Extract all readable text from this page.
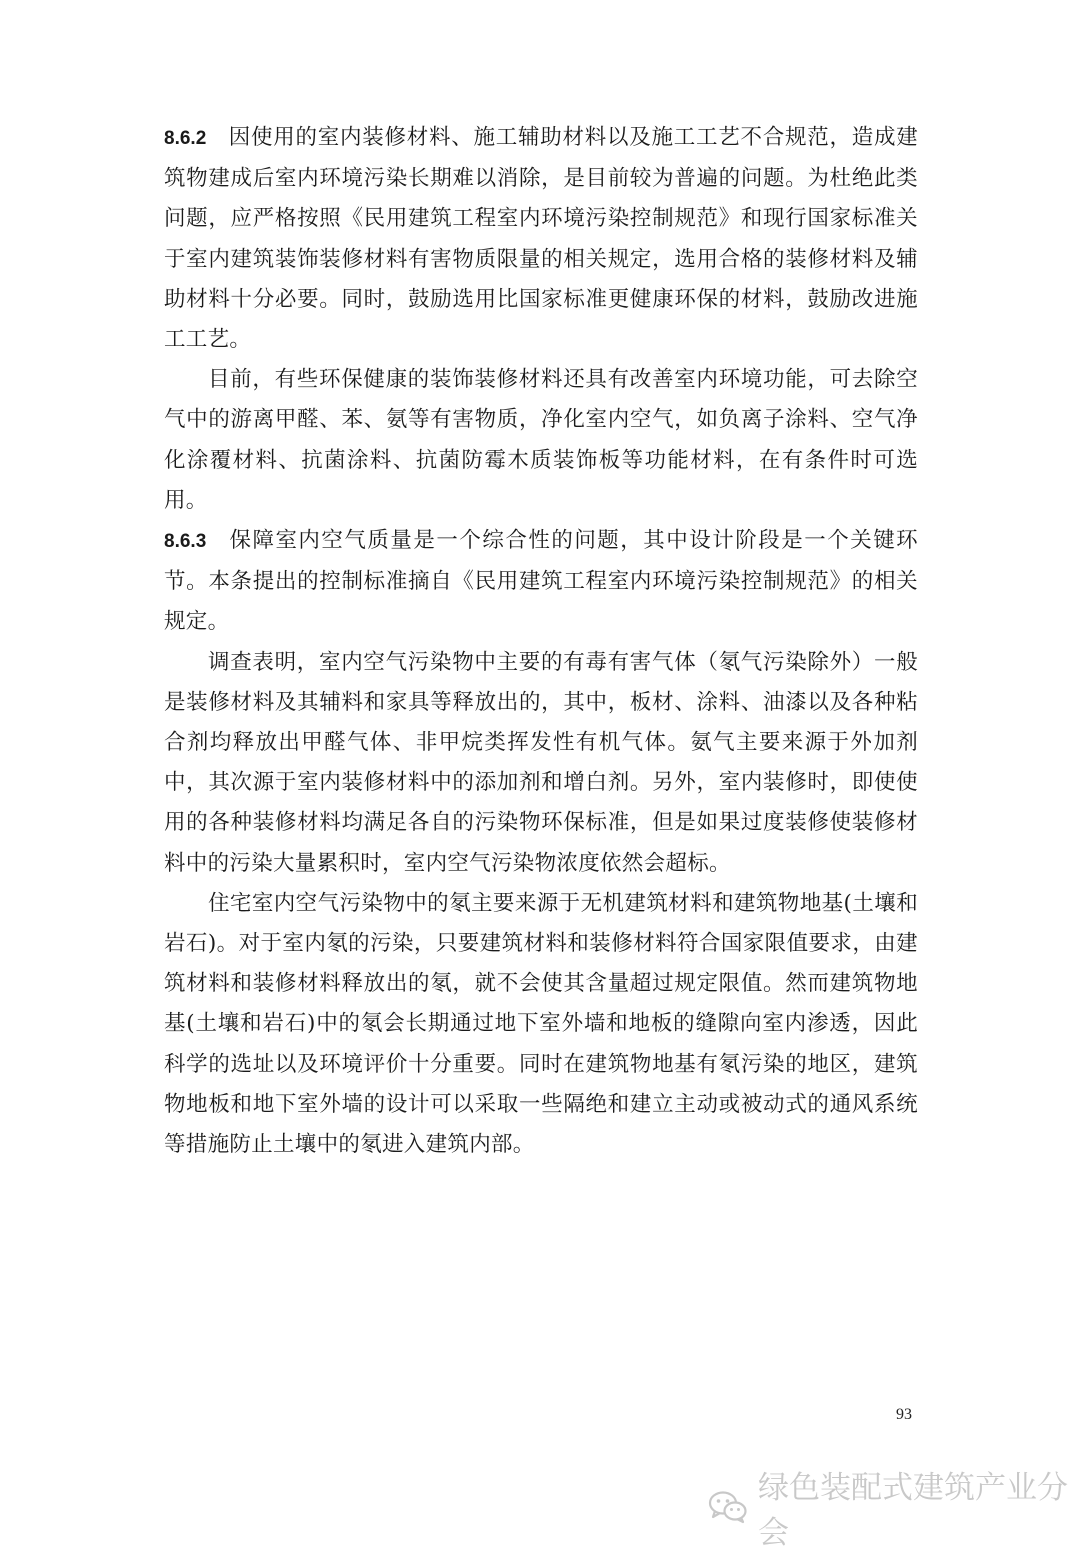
8.6.2 因使用的室内装修材料、施工辅助材料以及施工工艺不合规范，造成建筑物建成后室内环境污染长期难以消除，是目前较为普遍的问题。为杜绝此类问题，应严格按照《民用建筑工程室内环境污染控制规范》和现行国家标准关于室内建筑装饰装修材料有害物质限量的相关规定，选用合格的装修材料及辅助材料十分必要。同时，鼓励选用比国家标准更健康环保的材料，鼓励改进施工工艺。

目前，有些环保健康的装饰装修材料还具有改善室内环境功能，可去除空气中的游离甲醛、苯、氨等有害物质，净化室内空气，如负离子涂料、空气净化涂覆材料、抗菌涂料、抗菌防霉木质装饰板等功能材料，在有条件时可选用。

8.6.3 保障室内空气质量是一个综合性的问题，其中设计阶段是一个关键环节。本条提出的控制标准摘自《民用建筑工程室内环境污染控制规范》的相关规定。

调查表明，室内空气污染物中主要的有毒有害气体（氡气污染除外）一般是装修材料及其辅料和家具等释放出的，其中，板材、涂料、油漆以及各种粘合剂均释放出甲醛气体、非甲烷类挥发性有机气体。氨气主要来源于外加剂中，其次源于室内装修材料中的添加剂和增白剂。另外，室内装修时，即使使用的各种装修材料均满足各自的污染物环保标准，但是如果过度装修使装修材料中的污染大量累积时，室内空气污染物浓度依然会超标。

住宅室内空气污染物中的氡主要来源于无机建筑材料和建筑物地基(土壤和岩石)。对于室内氡的污染，只要建筑材料和装修材料符合国家限值要求，由建筑材料和装修材料释放出的氡，就不会使其含量超过规定限值。然而建筑物地基(土壤和岩石)中的氡会长期通过地下室外墙和地板的缝隙向室内渗透，因此科学的选址以及环境评价十分重要。同时在建筑物地基有氡污染的地区，建筑物地板和地下室外墙的设计可以采取一些隔绝和建立主动或被动式的通风系统等措施防止土壤中的氡进入建筑内部。

93
绿色装配式建筑产业分会
